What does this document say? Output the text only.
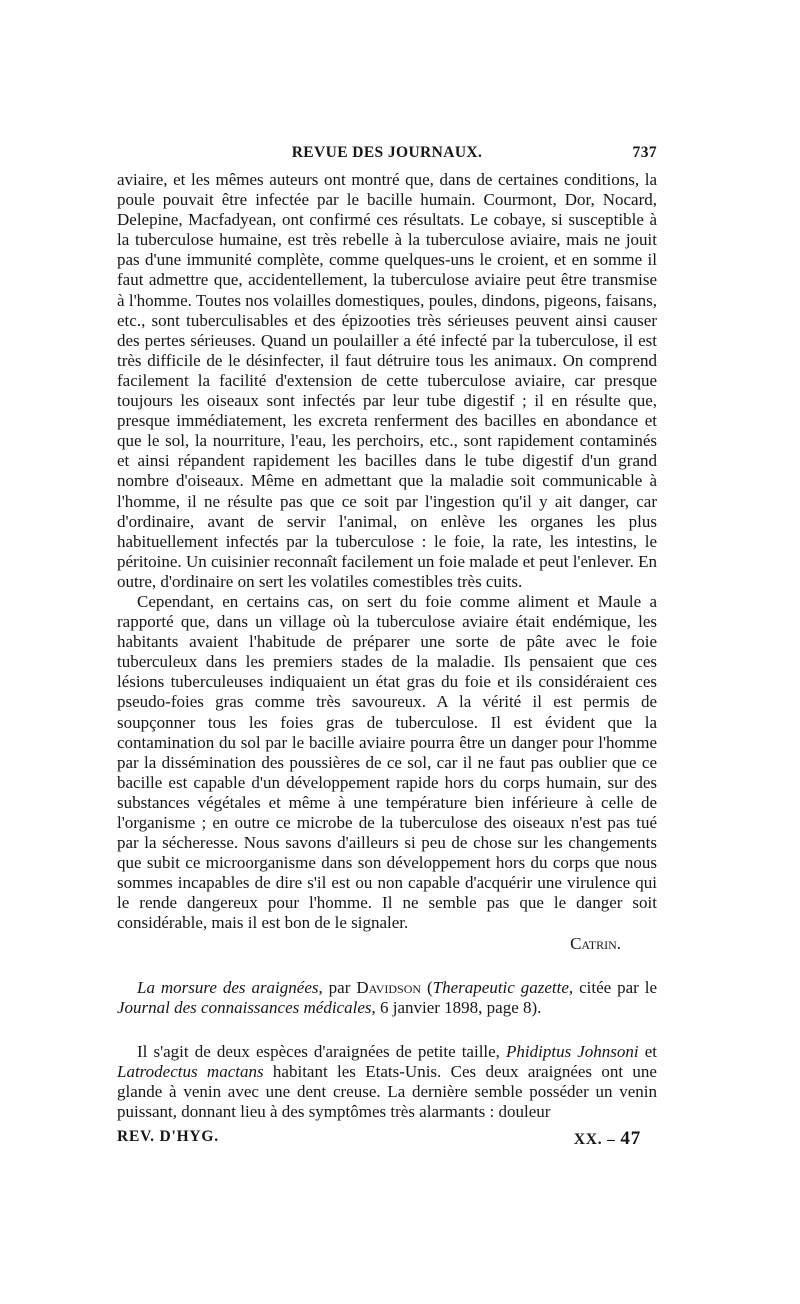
REVUE DES JOURNAUX.	737

aviaire, et les mêmes auteurs ont montré que, dans de certaines conditions, la poule pouvait être infectée par le bacille humain. Courmont, Dor, Nocard, Delepine, Macfadyean, ont confirmé ces résultats. Le cobaye, si susceptible à la tuberculose humaine, est très rebelle à la tuberculose aviaire, mais ne jouit pas d'une immunité complète, comme quelques-uns le croient, et en somme il faut admettre que, accidentellement, la tuberculose aviaire peut être transmise à l'homme. Toutes nos volailles domestiques, poules, dindons, pigeons, faisans, etc., sont tuberculisables et des épizooties très sérieuses peuvent ainsi causer des pertes sérieuses. Quand un poulailler a été infecté par la tuberculose, il est très difficile de le désinfecter, il faut détruire tous les animaux. On comprend facilement la facilité d'extension de cette tuberculose aviaire, car presque toujours les oiseaux sont infectés par leur tube digestif ; il en résulte que, presque immédiatement, les excreta renferment des bacilles en abondance et que le sol, la nourriture, l'eau, les perchoirs, etc., sont rapidement contaminés et ainsi répandent rapidement les bacilles dans le tube digestif d'un grand nombre d'oiseaux. Même en admettant que la maladie soit communicable à l'homme, il ne résulte pas que ce soit par l'ingestion qu'il y ait danger, car d'ordinaire, avant de servir l'animal, on enlève les organes les plus habituellement infectés par la tuberculose : le foie, la rate, les intestins, le péritoine. Un cuisinier reconnaît facilement un foie malade et peut l'enlever. En outre, d'ordinaire on sert les volatiles comestibles très cuits.

Cependant, en certains cas, on sert du foie comme aliment et Maule a rapporté que, dans un village où la tuberculose aviaire était endémique, les habitants avaient l'habitude de préparer une sorte de pâte avec le foie tuberculeux dans les premiers stades de la maladie. Ils pensaient que ces lésions tuberculeuses indiquaient un état gras du foie et ils considéraient ces pseudo-foies gras comme très savoureux. A la vérité il est permis de soupçonner tous les foies gras de tuberculose. Il est évident que la contamination du sol par le bacille aviaire pourra être un danger pour l'homme par la dissémination des poussières de ce sol, car il ne faut pas oublier que ce bacille est capable d'un développement rapide hors du corps humain, sur des substances végétales et même à une température bien inférieure à celle de l'organisme ; en outre ce microbe de la tuberculose des oiseaux n'est pas tué par la sécheresse. Nous savons d'ailleurs si peu de chose sur les changements que subit ce microorganisme dans son développement hors du corps que nous sommes incapables de dire s'il est ou non capable d'acquérir une virulence qui le rende dangereux pour l'homme. Il ne semble pas que le danger soit considérable, mais il est bon de le signaler.

Catrin.

La morsure des araignées, par Davidson (Therapeutic gazette, citée par le Journal des connaissances médicales, 6 janvier 1898, page 8).

Il s'agit de deux espèces d'araignées de petite taille, Phidiptus Johnsoni et Latrodectus mactans habitant les Etats-Unis. Ces deux araignées ont une glande à venin avec une dent creuse. La dernière semble posséder un venin puissant, donnant lieu à des symptômes très alarmants : douleur

REV. D'HYG.	XX. – 47
